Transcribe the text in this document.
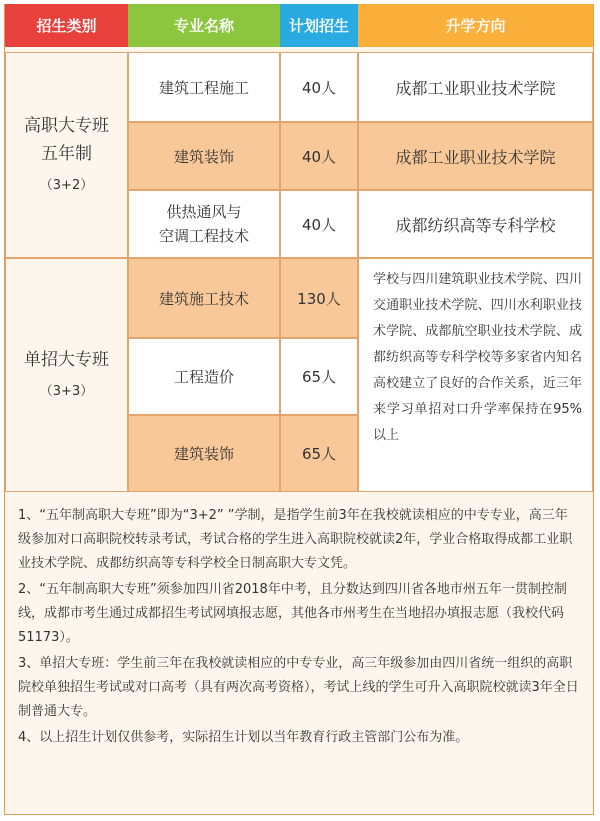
招生类别	专业名称	计划招生	升学方向
高职大专班
五年制
（3+2）
建筑工程施工	40人	成都工业职业技术学院
建筑装饰	40人	成都工业职业技术学院
供热通风与
空调工程技术
40人	成都纺织高等专科学校
单招大专班
（3+3）
建筑施工技术	130人
工程造价	65人
建筑装饰	65人
学校与四川建筑职业技术学院、四川交通职业技术学院、四川水利职业技术学院、成都航空职业技术学院、成都纺织高等专科学校等多家省内知名高校建立了良好的合作关系，近三年来学习单招对口升学率保持在95%以上

1、“五年制高职大专班”即为“3+2” ”学制，是指学生前3年在我校就读相应的中专专业，高三年级参加对口高职院校转录考试，考试合格的学生进入高职院校就读2年，学业合格取得成都工业职业技术学院、成都纺织高等专科学校全日制高职大专文凭。

2、“五年制高职大专班”须参加四川省2018年中考，且分数达到四川省各地市州五年一贯制控制线，成都市考生通过成都招生考试网填报志愿，其他各市州考生在当地招办填报志愿（我校代码51173）。

3、单招大专班：学生前三年在我校就读相应的中专专业，高三年级参加由四川省统一组织的高职院校单独招生考试或对口高考（具有两次高考资格），考试上线的学生可升入高职院校就读3年全日制普通大专。

4、以上招生计划仅供参考，实际招生计划以当年教育行政主管部门公布为准。
